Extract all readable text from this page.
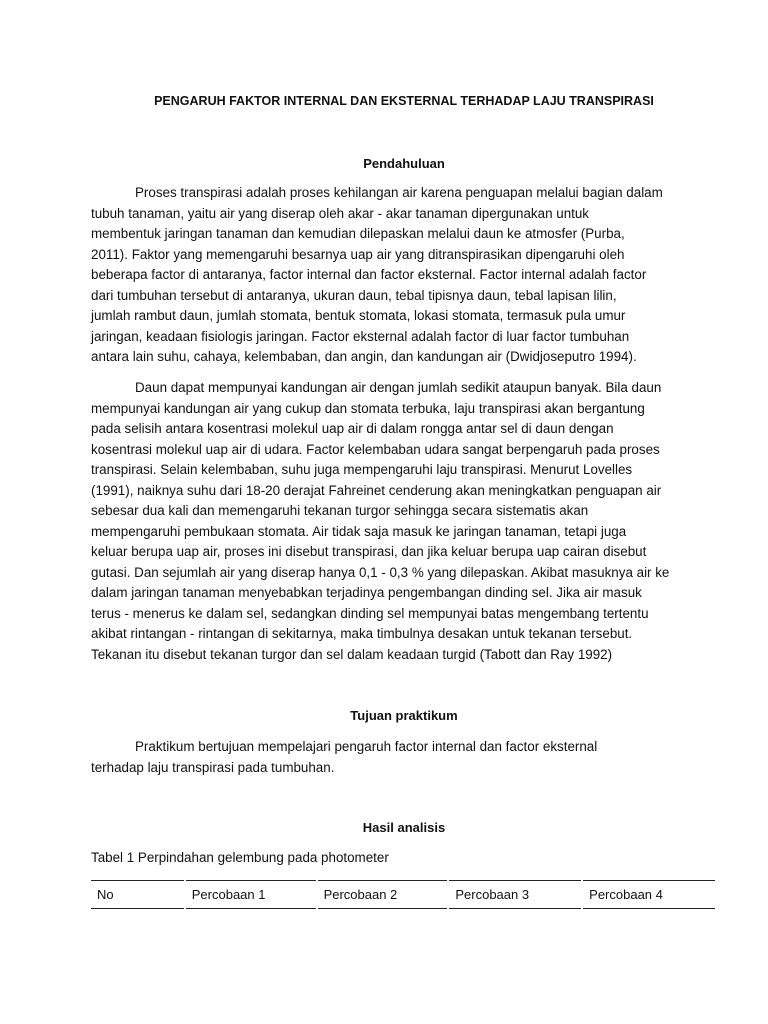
PENGARUH FAKTOR INTERNAL DAN EKSTERNAL TERHADAP LAJU TRANSPIRASI
Pendahuluan

Proses transpirasi adalah proses kehilangan air karena penguapan melalui bagian dalam
tubuh tanaman, yaitu air yang diserap oleh akar - akar tanaman dipergunakan untuk
membentuk jaringan tanaman dan kemudian dilepaskan melalui daun ke atmosfer (Purba,
2011). Faktor yang memengaruhi besarnya uap air yang ditranspirasikan dipengaruhi oleh
beberapa factor di antaranya, factor internal dan factor eksternal. Factor internal adalah factor
dari tumbuhan tersebut di antaranya, ukuran daun, tebal tipisnya daun, tebal lapisan lilin,
jumlah rambut daun, jumlah stomata, bentuk stomata, lokasi stomata, termasuk pula umur
jaringan, keadaan fisiologis jaringan. Factor eksternal adalah factor di luar factor tumbuhan
antara lain suhu, cahaya, kelembaban, dan angin, dan kandungan air (Dwidjoseputro 1994).

Daun dapat mempunyai kandungan air dengan jumlah sedikit ataupun banyak. Bila daun
mempunyai kandungan air yang cukup dan stomata terbuka, laju transpirasi akan bergantung
pada selisih antara kosentrasi molekul uap air di dalam rongga antar sel di daun dengan
kosentrasi molekul uap air di udara. Factor kelembaban udara sangat berpengaruh pada proses
transpirasi. Selain kelembaban, suhu juga mempengaruhi laju transpirasi. Menurut Lovelles
(1991), naiknya suhu dari 18-20 derajat Fahreinet cenderung akan meningkatkan penguapan air
sebesar dua kali dan memengaruhi tekanan turgor sehingga secara sistematis akan
mempengaruhi pembukaan stomata. Air tidak saja masuk ke jaringan tanaman, tetapi juga
keluar berupa uap air, proses ini disebut transpirasi, dan jika keluar berupa uap cairan disebut
gutasi. Dan sejumlah air yang diserap hanya 0,1 - 0,3 % yang dilepaskan. Akibat masuknya air ke
dalam jaringan tanaman menyebabkan terjadinya pengembangan dinding sel. Jika air masuk
terus - menerus ke dalam sel, sedangkan dinding sel mempunyai batas mengembang tertentu
akibat rintangan - rintangan di sekitarnya, maka timbulnya desakan untuk tekanan tersebut.
Tekanan itu disebut tekanan turgor dan sel dalam keadaan turgid (Tabott dan Ray 1992)

Tujuan praktikum

Praktikum bertujuan mempelajari pengaruh factor internal dan factor eksternal
terhadap laju transpirasi pada tumbuhan.

Hasil analisis
Tabel 1 Perpindahan gelembung pada photometer
No	Percobaan 1	Percobaan 2	Percobaan 3	Percobaan 4
